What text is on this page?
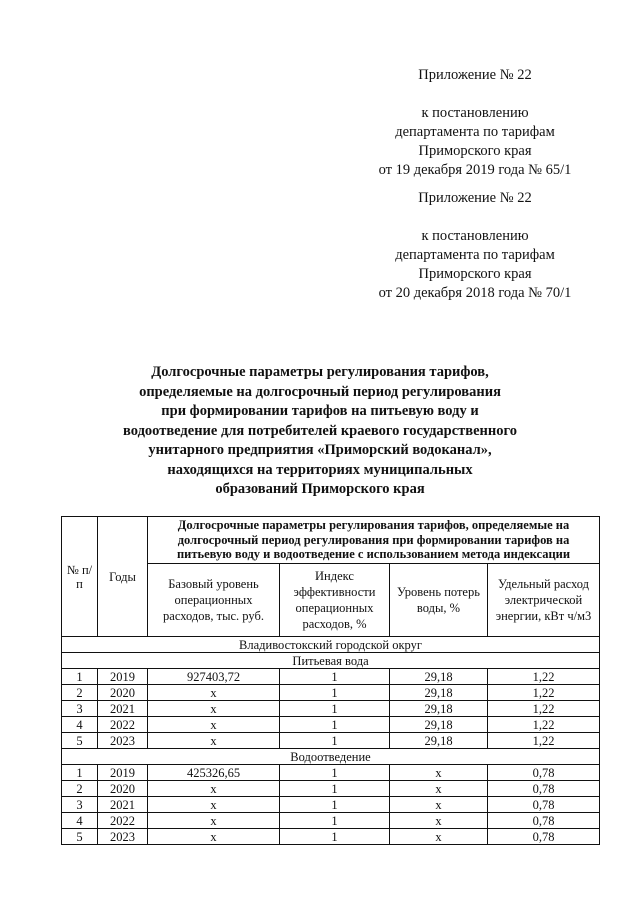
Приложение № 22
к постановлению
департамента по тарифам
Приморского края
от 19 декабря 2019 года № 65/1
Приложение № 22
к постановлению
департамента по тарифам
Приморского края
от 20 декабря 2018 года № 70/1
Долгосрочные параметры регулирования тарифов,
определяемые на долгосрочный период регулирования
при формировании тарифов на питьевую воду и
водоотведение для потребителей краевого государственного
унитарного предприятия «Приморский водоканал»,
находящихся на территориях муниципальных
образований Приморского края
№ п/п	Годы	Долгосрочные параметры регулирования тарифов, определяемые на долгосрочный период регулирования при формировании тарифов на питьевую воду и водоотведение с использованием метода индексации			
		Базовый уровень операционных расходов, тыс. руб.	Индекс эффективности операционных расходов, %	Уровень потерь воды, %	Удельный расход электрической энергии, кВт ч/м3
Владивостокский городской округ					
Питьевая вода					
1	2019	927403,72	1	29,18	1,22
2	2020	х	1	29,18	1,22
3	2021	х	1	29,18	1,22
4	2022	х	1	29,18	1,22
5	2023	х	1	29,18	1,22
Водоотведение					
1	2019	425326,65	1	х	0,78
2	2020	х	1	х	0,78
3	2021	х	1	х	0,78
4	2022	х	1	х	0,78
5	2023	х	1	х	0,78
